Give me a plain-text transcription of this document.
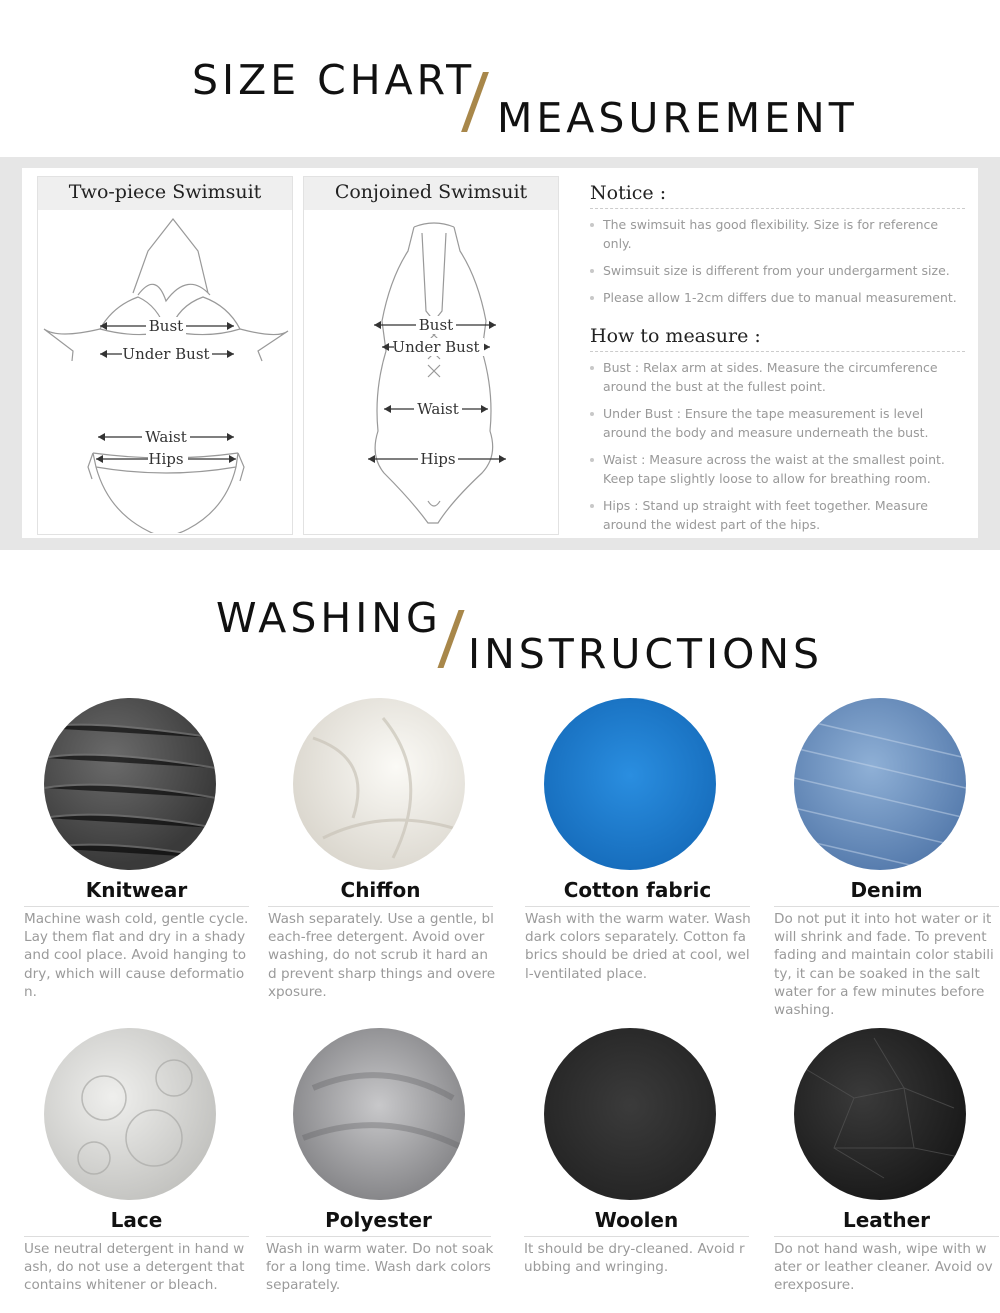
SIZE CHART
MEASUREMENT
Two-piece Swimsuit
Bust
Under Bust
Waist
Hips
Conjoined Swimsuit
Bust
Under Bust
Waist
Hips
Notice :
The swimsuit has good flexibility. Size is for reference only.
Swimsuit size is different from your undergarment size.
Please allow 1-2cm differs due to manual measurement.
How to measure :
Bust : Relax arm at sides. Measure the circumference around the bust at the fullest point.
Under Bust : Ensure the tape measurement is level around the body and measure underneath the bust.
Waist : Measure across the waist at the smallest point. Keep tape slightly loose to allow for breathing room.
Hips : Stand up straight with feet together. Measure around the widest part of the hips.
WASHING
INSTRUCTIONS
Knitwear
Machine wash cold, gentle cycle. Lay them flat and dry in a shady and cool place. Avoid hanging to dry, which will cause deformation.
Chiffon
Wash separately. Use a gentle, bleach-free detergent. Avoid over washing, do not scrub it hard and prevent sharp things and overexposure.
Cotton fabric
Wash with the warm water. Wash dark colors separately. Cotton fabrics should be dried at cool, well-ventilated place.
Denim
Do not put it into hot water or it will shrink and fade. To prevent fading and maintain color stability, it can be soaked in the salt water for a few minutes before washing.
Lace
Use neutral detergent in hand wash, do not use a detergent that contains whitener or bleach.
Polyester
Wash in warm water. Do not soak for a long time. Wash dark colors separately.
Woolen
It should be dry-cleaned. Avoid rubbing and wringing.
Leather
Do not hand wash, wipe with water or leather cleaner. Avoid overexposure.
